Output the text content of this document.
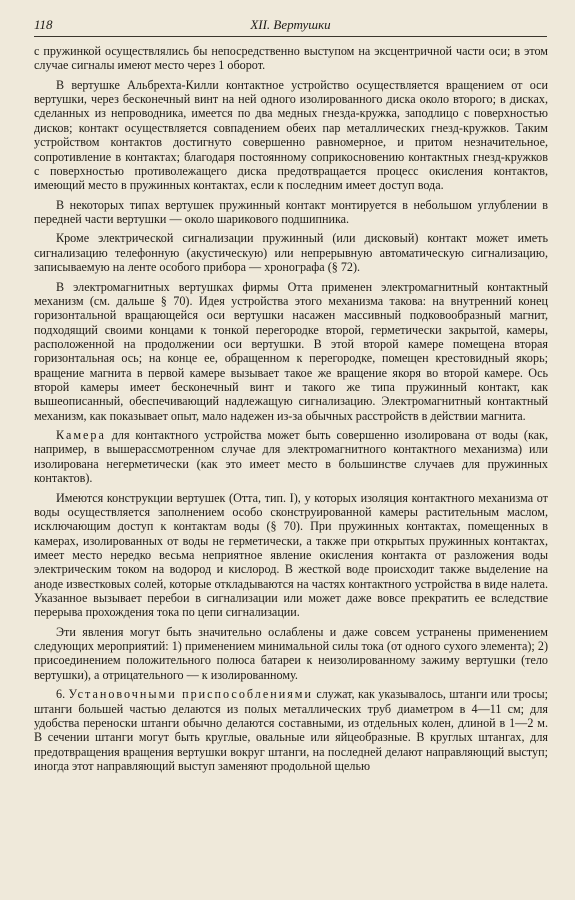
118	XII. Вертушки

с пружинкой осуществлялись бы непосредственно выступом на эксцентричной части оси; в этом случае сигналы имеют место через 1 оборот.

В вертушке Альбрехта-Килли контактное устройство осуществляется вращением от оси вертушки, через бесконечный винт на ней одного изолированного диска около второго; в дисках, сделанных из непроводника, имеется по два медных гнезда-кружка, заподлицо с поверхностью дисков; контакт осуществляется совпадением обеих пар металлических гнезд-кружков. Таким устройством контактов достигнуто совершенно равномерное, и притом незначительное, сопротивление в контактах; благодаря постоянному соприкосновению контактных гнезд-кружков с поверхностью противолежащего диска предотвращается процесс окисления контактов, имеющий место в пружинных контактах, если к последним имеет доступ вода.

В некоторых типах вертушек пружинный контакт монтируется в небольшом углублении в передней части вертушки — около шарикового подшипника.

Кроме электрической сигнализации пружинный (или дисковый) контакт может иметь сигнализацию телефонную (акустическую) или непрерывную автоматическую сигнализацию, записываемую на ленте особого прибора — хронографа (§ 72).

В электромагнитных вертушках фирмы Отта применен электромагнитный контактный механизм (см. дальше § 70). Идея устройства этого механизма такова: на внутренний конец горизонтальной вращающейся оси вертушки насажен массивный подковообразный магнит, подходящий своими концами к тонкой перегородке второй, герметически закрытой, камеры, расположенной на продолжении оси вертушки. В этой второй камере помещена вторая горизонтальная ось; на конце ее, обращенном к перегородке, помещен крестовидный якорь; вращение магнита в первой камере вызывает такое же вращение якоря во второй камере. Ось второй камеры имеет бесконечный винт и такого же типа пружинный контакт, как вышеописанный, обеспечивающий надлежащую сигнализацию. Электромагнитный контактный механизм, как показывает опыт, мало надежен из-за обычных расстройств в действии магнита.

Камера для контактного устройства может быть совершенно изолирована от воды (как, например, в вышерассмотренном случае для электромагнитного контактного механизма) или изолирована негерметически (как это имеет место в большинстве случаев для пружинных контактов).

Имеются конструкции вертушек (Отта, тип. I), у которых изоляция контактного механизма от воды осуществляется заполнением особо сконструированной камеры растительным маслом, исключающим доступ к контактам воды (§ 70). При пружинных контактах, помещенных в камерах, изолированных от воды не герметически, а также при открытых пружинных контактах, имеет место нередко весьма неприятное явление окисления контакта от разложения воды электрическим током на водород и кислород. В жесткой воде происходит также выделение на аноде известковых солей, которые откладываются на частях контактного устройства в виде налета. Указанное вызывает перебои в сигнализации или может даже вовсе прекратить ее вследствие перерыва прохождения тока по цепи сигнализации.

Эти явления могут быть значительно ослаблены и даже совсем устранены применением следующих мероприятий: 1) применением минимальной силы тока (от одного сухого элемента); 2) присоединением положительного полюса батареи к неизолированному зажиму вертушки (тело вертушки), а отрицательного — к изолированному.

6. Установочными приспособлениями служат, как указывалось, штанги или тросы; штанги большей частью делаются из полых металлических труб диаметром в 4—11 см; для удобства переноски штанги обычно делаются составными, из отдельных колен, длиной в 1—2 м. В сечении штанги могут быть круглые, овальные или яйцеобразные. В круглых штангах, для предотвращения вращения вертушки вокруг штанги, на последней делают направляющий выступ; иногда этот направляющий выступ заменяют продольной щелью
